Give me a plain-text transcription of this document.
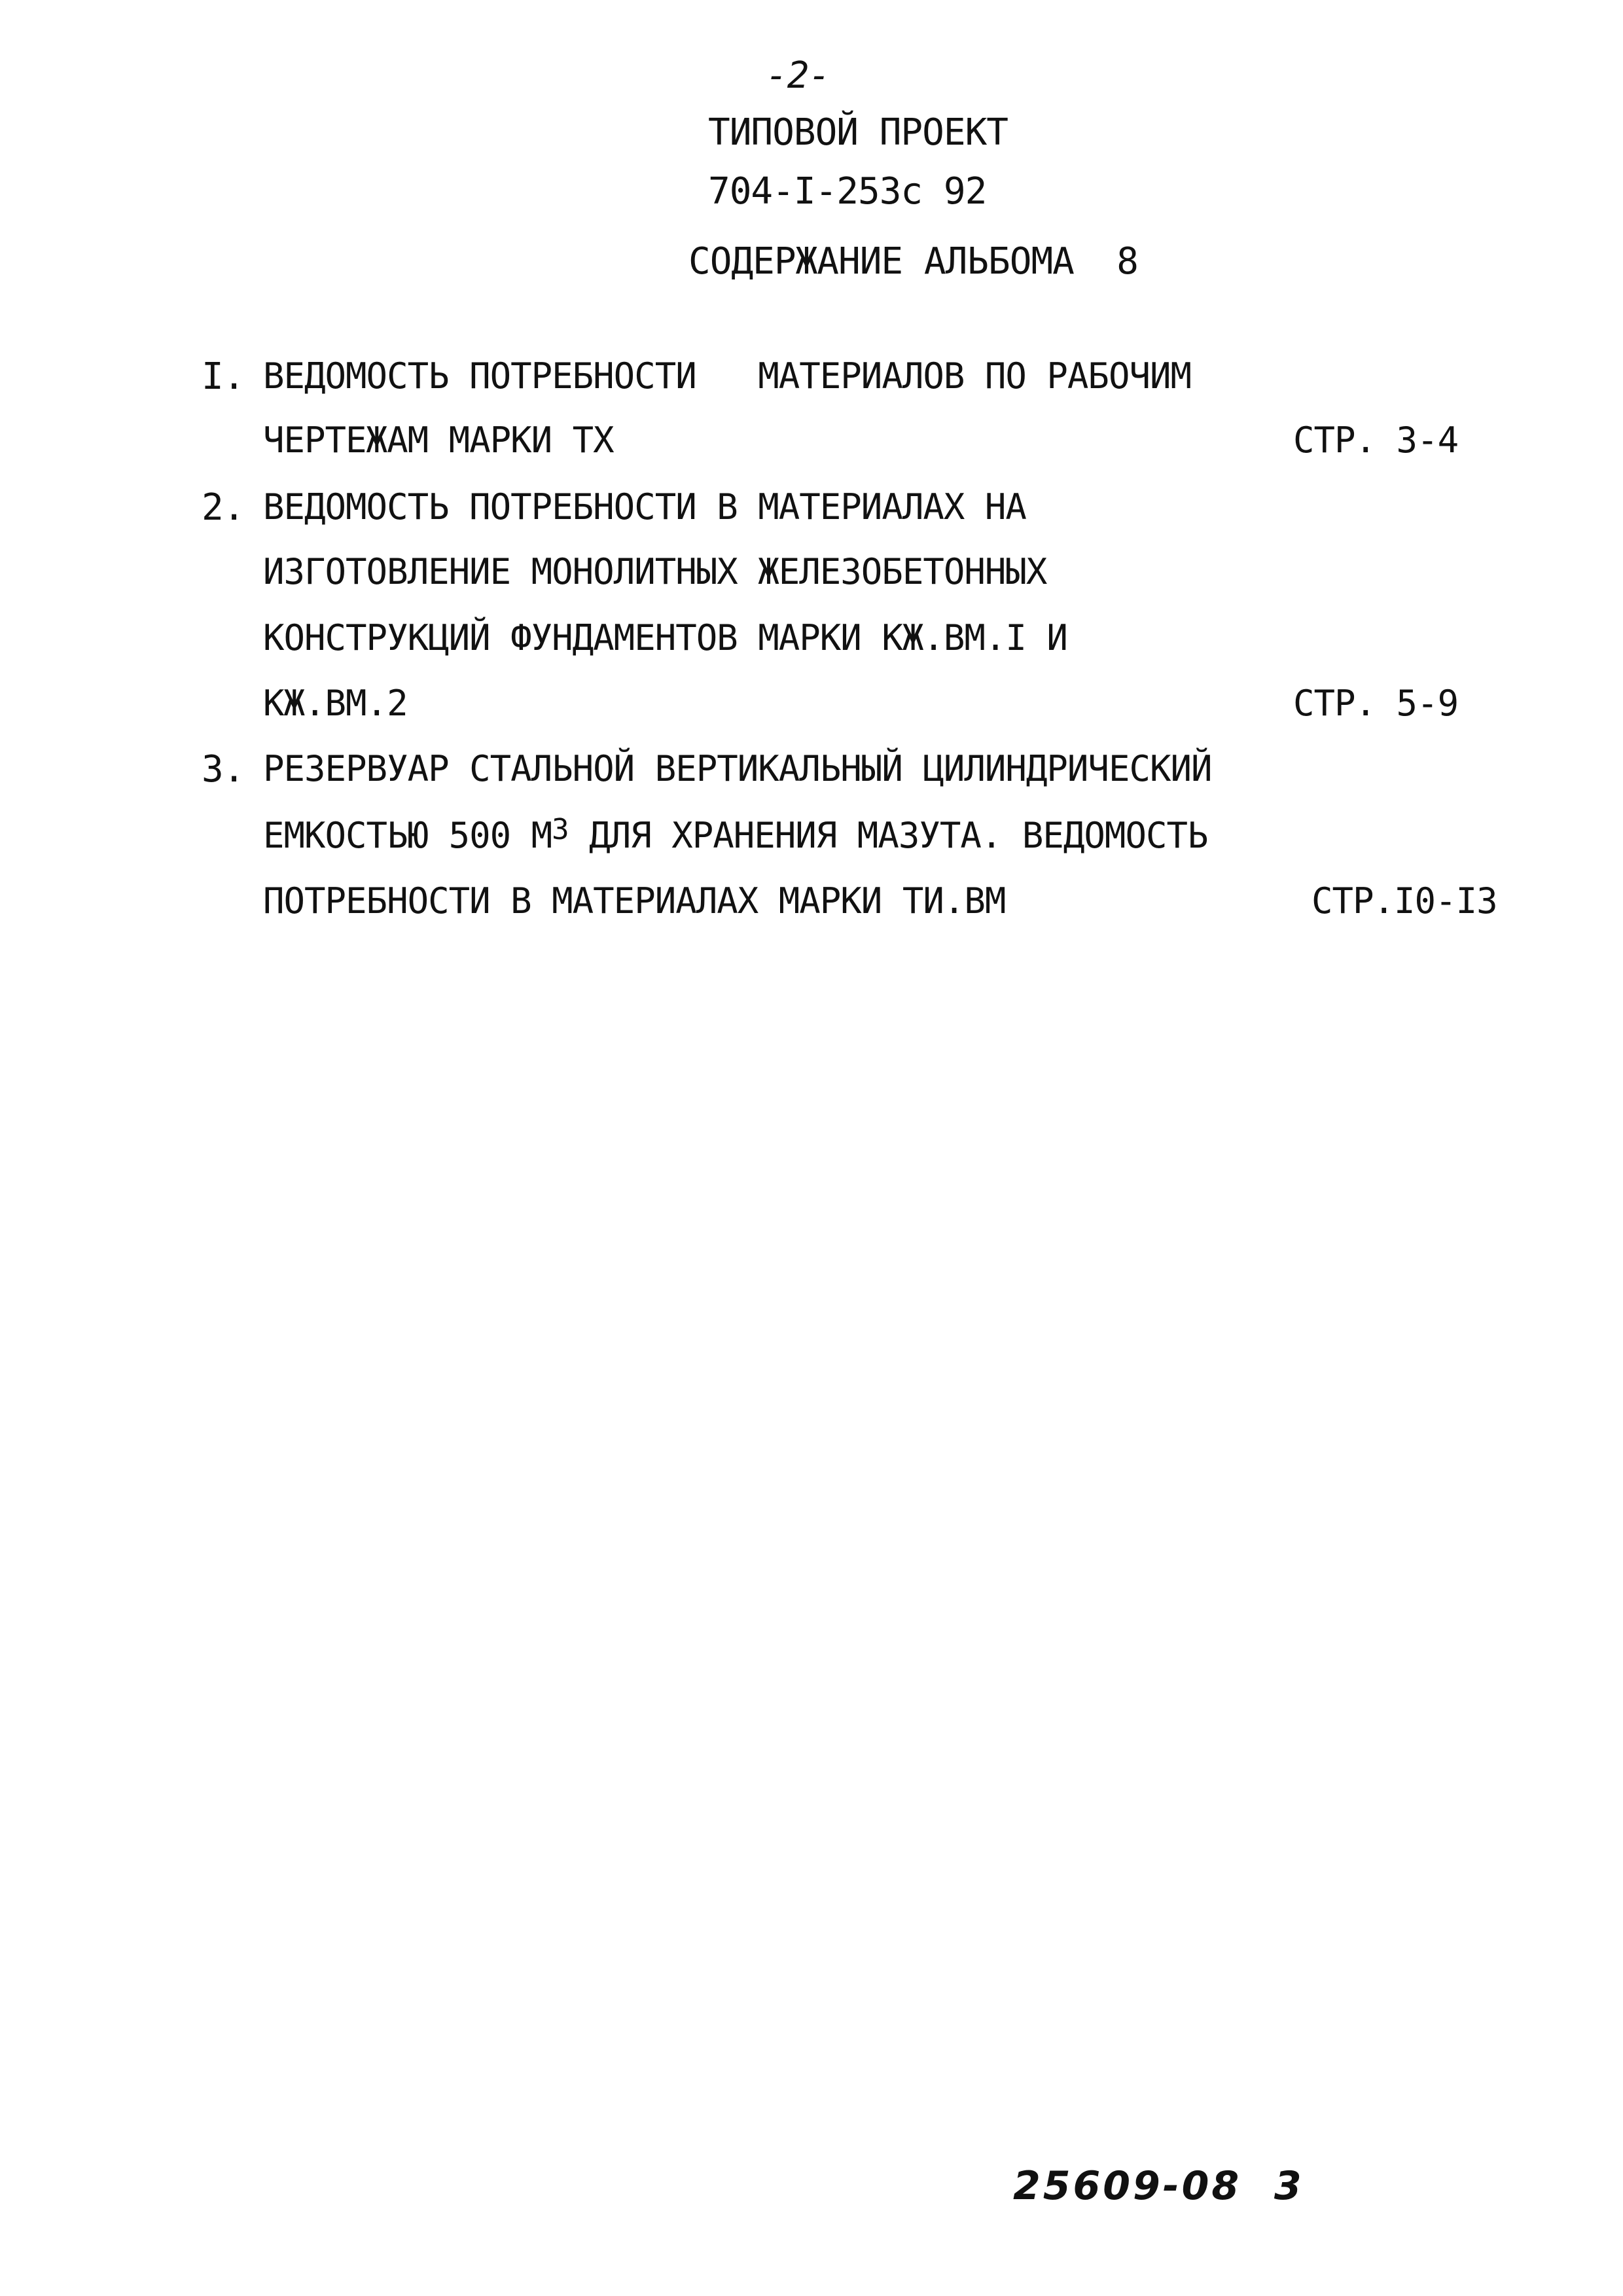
-2-
ТИПОВОЙ ПРОЕКТ
704-I-253с 92
СОДЕРЖАНИЕ АЛЬБОМА  8
I. ВЕДОМОСТЬ ПОТРЕБНОСТИ   МАТЕРИАЛОВ ПО РАБОЧИМ
ЧЕРТЕЖАМ МАРКИ ТХ	СТР. 3-4
2. ВЕДОМОСТЬ ПОТРЕБНОСТИ В МАТЕРИАЛАХ НА
ИЗГОТОВЛЕНИЕ МОНОЛИТНЫХ ЖЕЛЕЗОБЕТОННЫХ
КОНСТРУКЦИЙ ФУНДАМЕНТОВ МАРКИ КЖ.ВМ.I И
КЖ.ВМ.2	СТР. 5-9
3. РЕЗЕРВУАР СТАЛЬНОЙ ВЕРТИКАЛЬНЫЙ ЦИЛИНДРИЧЕСКИЙ
ЕМКОСТЬЮ 500 $М^3$ ДЛЯ ХРАНЕНИЯ МАЗУТА. ВЕДОМОСТЬ
ПОТРЕБНОСТИ В МАТЕРИАЛАХ МАРКИ ТИ.ВМ	СТР.I0-I3
25609-08 3
